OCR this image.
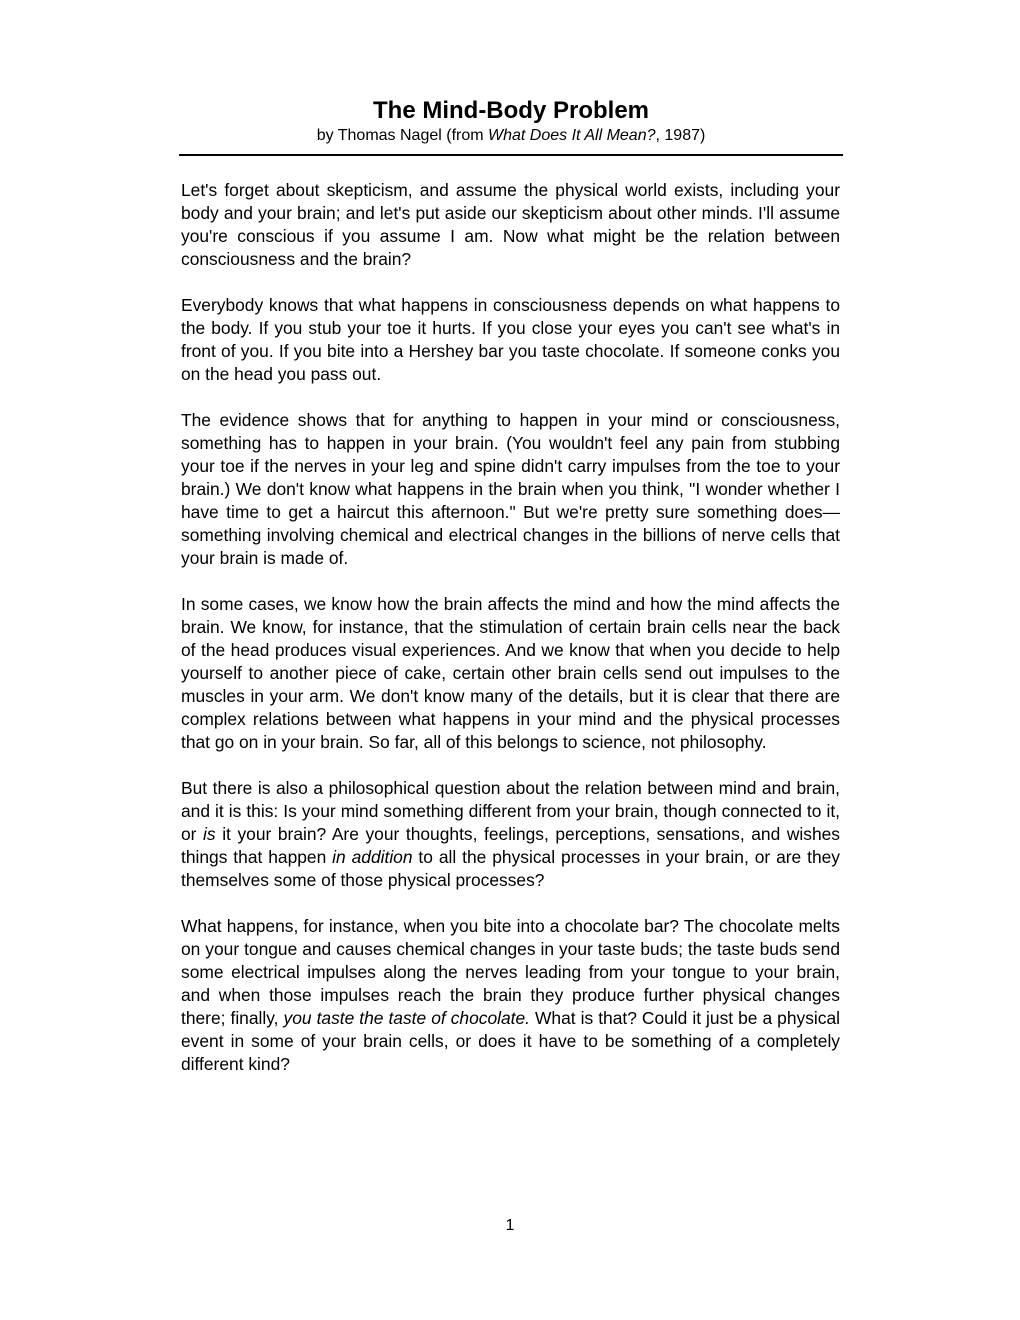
The Mind-Body Problem

by Thomas Nagel (from What Does It All Mean?, 1987)

Let's forget about skepticism, and assume the physical world exists, including your body and your brain; and let's put aside our skepticism about other minds. I'll assume you're conscious if you assume I am. Now what might be the relation between consciousness and the brain?

Everybody knows that what happens in consciousness depends on what happens to the body. If you stub your toe it hurts. If you close your eyes you can't see what's in front of you. If you bite into a Hershey bar you taste chocolate. If someone conks you on the head you pass out.

The evidence shows that for anything to happen in your mind or consciousness, something has to happen in your brain. (You wouldn't feel any pain from stubbing your toe if the nerves in your leg and spine didn't carry impulses from the toe to your brain.) We don't know what happens in the brain when you think, "I wonder whether I have time to get a haircut this afternoon." But we're pretty sure something does—something involving chemical and electrical changes in the billions of nerve cells that your brain is made of.

In some cases, we know how the brain affects the mind and how the mind affects the brain. We know, for instance, that the stimulation of certain brain cells near the back of the head produces visual experiences. And we know that when you decide to help yourself to another piece of cake, certain other brain cells send out impulses to the muscles in your arm. We don't know many of the details, but it is clear that there are complex relations between what happens in your mind and the physical processes that go on in your brain. So far, all of this belongs to science, not philosophy.

But there is also a philosophical question about the relation between mind and brain, and it is this: Is your mind something different from your brain, though connected to it, or is it your brain? Are your thoughts, feelings, perceptions, sensations, and wishes things that happen in addition to all the physical processes in your brain, or are they themselves some of those physical processes?

What happens, for instance, when you bite into a chocolate bar? The chocolate melts on your tongue and causes chemical changes in your taste buds; the taste buds send some electrical impulses along the nerves leading from your tongue to your brain, and when those impulses reach the brain they produce further physical changes there; finally, you taste the taste of chocolate. What is that? Could it just be a physical event in some of your brain cells, or does it have to be something of a completely different kind?

1
